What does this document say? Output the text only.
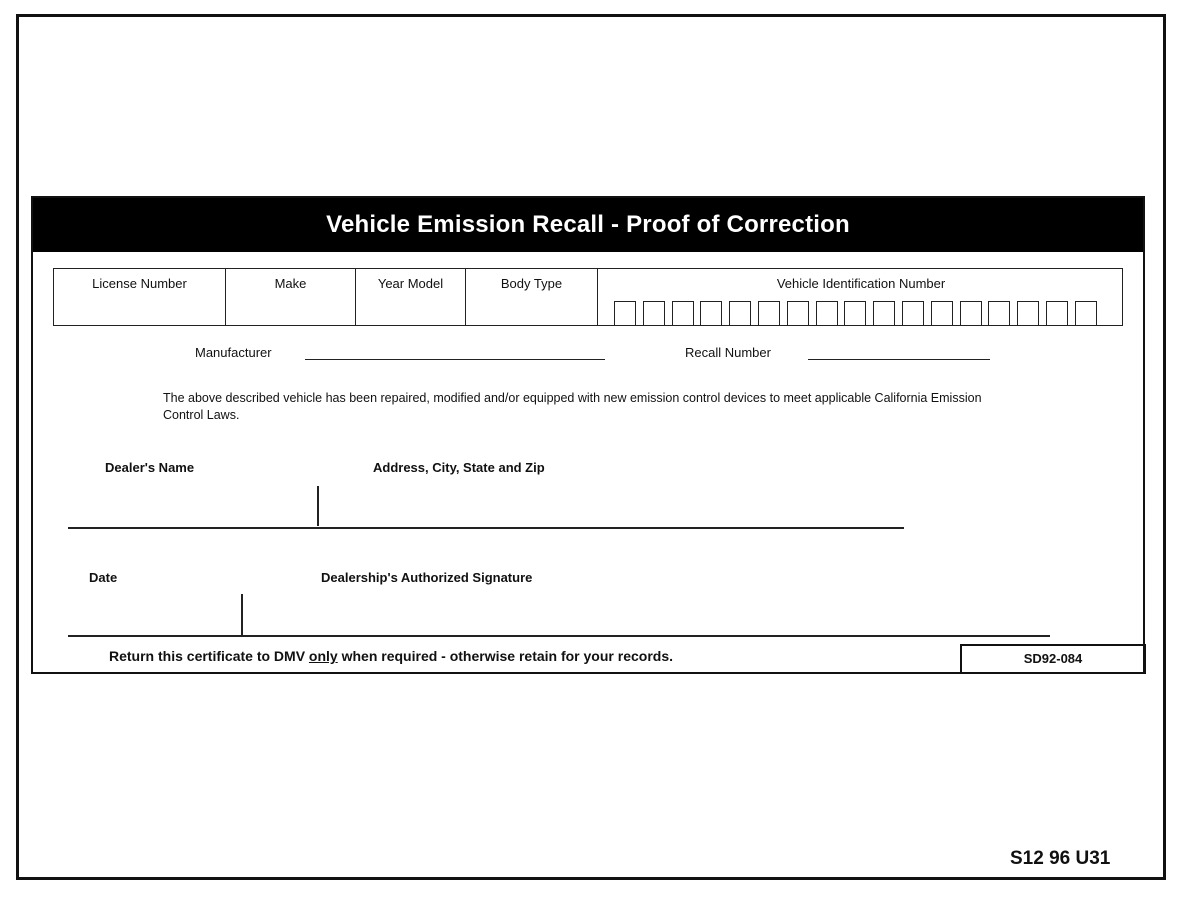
Vehicle Emission Recall - Proof of Correction
License Number	Make	Year Model	Body Type	Vehicle Identification Number
Manufacturer	Recall Number
The above described vehicle has been repaired, modified and/or equipped with new emission control devices to meet applicable California Emission Control Laws.
Dealer's Name	Address, City, State and Zip
Date	Dealership's Authorized Signature
Return this certificate to DMV only when required - otherwise retain for your records.	SD92-084
S12 96 U31
